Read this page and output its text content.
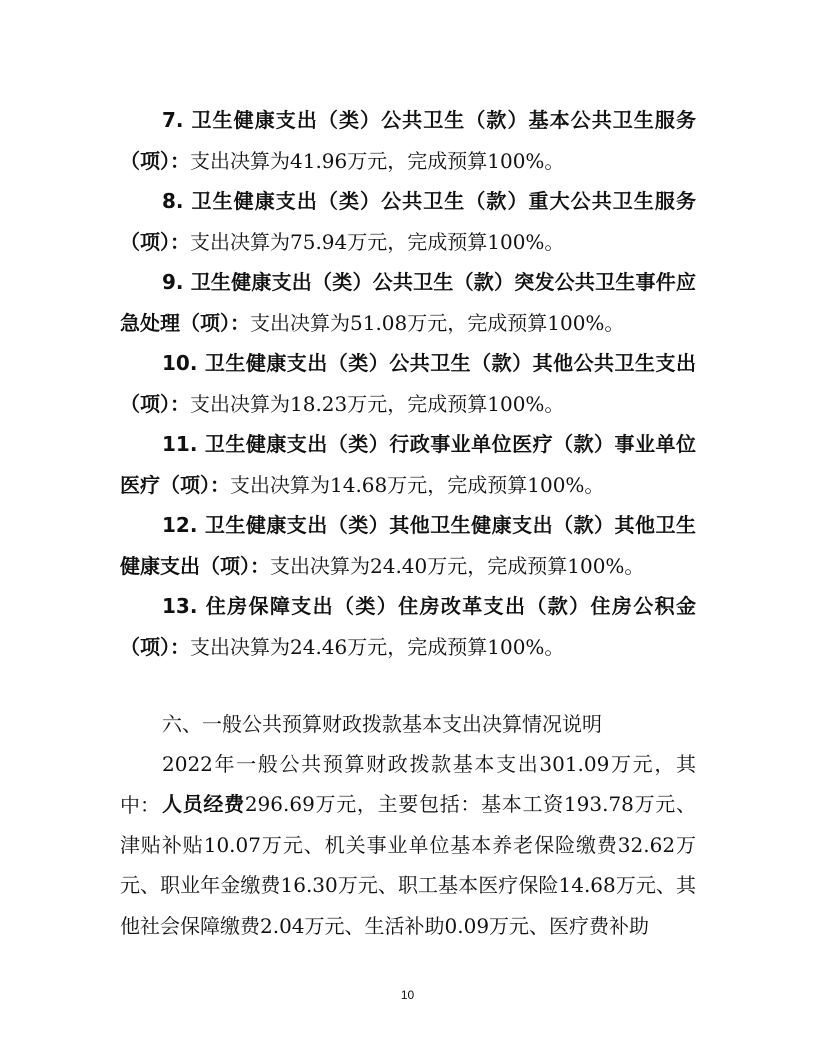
7. 卫生健康支出（类）公共卫生（款）基本公共卫生服务（项）：支出决算为41.96万元，完成预算100%。

8. 卫生健康支出（类）公共卫生（款）重大公共卫生服务（项）：支出决算为75.94万元，完成预算100%。

9. 卫生健康支出（类）公共卫生（款）突发公共卫生事件应急处理（项）：支出决算为51.08万元，完成预算100%。

10. 卫生健康支出（类）公共卫生（款）其他公共卫生支出（项）：支出决算为18.23万元，完成预算100%。

11. 卫生健康支出（类）行政事业单位医疗（款）事业单位医疗（项）：支出决算为14.68万元，完成预算100%。

12. 卫生健康支出（类）其他卫生健康支出（款）其他卫生健康支出（项）：支出决算为24.40万元，完成预算100%。

13. 住房保障支出（类）住房改革支出（款）住房公积金（项）：支出决算为24.46万元，完成预算100%。

六、一般公共预算财政拨款基本支出决算情况说明

2022年一般公共预算财政拨款基本支出301.09万元，其中： 人员经费296.69万元，主要包括：基本工资193.78万元、津贴补贴10.07万元、机关事业单位基本养老保险缴费32.62万元、职业年金缴费16.30万元、职工基本医疗保险14.68万元、其他社会保障缴费2.04万元、生活补助0.09万元、医疗费补助

10
